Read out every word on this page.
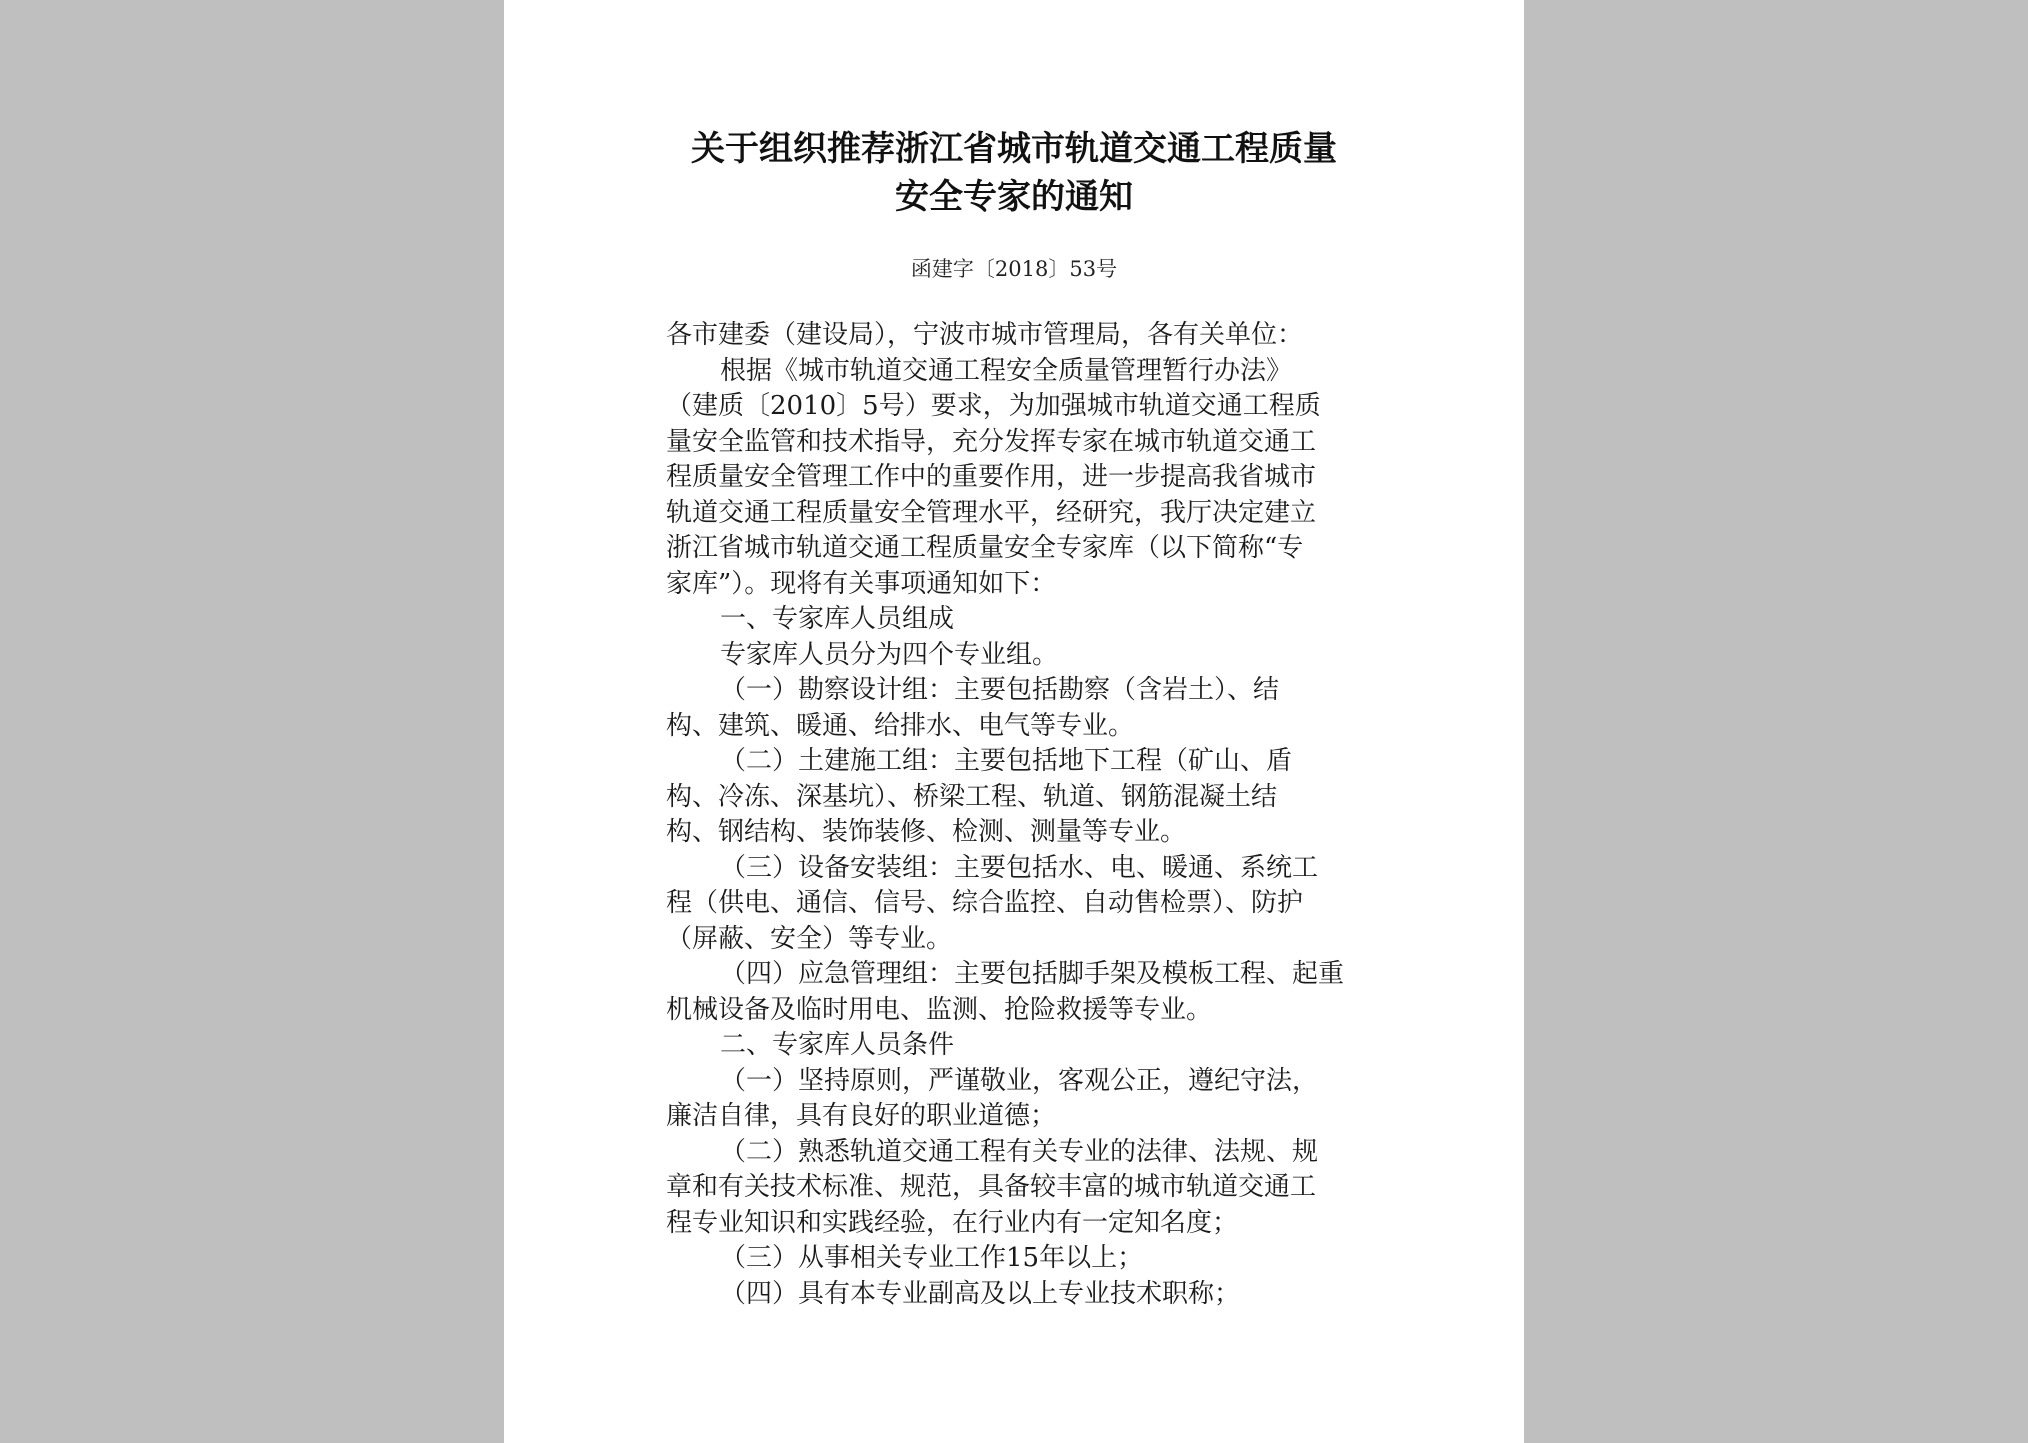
关于组织推荐浙江省城市轨道交通工程质量
安全专家的通知
函建字〔2018〕53号
各市建委（建设局），宁波市城市管理局，各有关单位：
根据《城市轨道交通工程安全质量管理暂行办法》
（建质〔2010〕5号）要求，为加强城市轨道交通工程质
量安全监管和技术指导，充分发挥专家在城市轨道交通工
程质量安全管理工作中的重要作用，进一步提高我省城市
轨道交通工程质量安全管理水平，经研究，我厅决定建立
浙江省城市轨道交通工程质量安全专家库（以下简称“专
家库”）。现将有关事项通知如下：
一、专家库人员组成
专家库人员分为四个专业组。
（一）勘察设计组：主要包括勘察（含岩土）、结
构、建筑、暖通、给排水、电气等专业。
（二）土建施工组：主要包括地下工程（矿山、盾
构、冷冻、深基坑）、桥梁工程、轨道、钢筋混凝土结
构、钢结构、装饰装修、检测、测量等专业。
（三）设备安装组：主要包括水、电、暖通、系统工
程（供电、通信、信号、综合监控、自动售检票）、防护
（屏蔽、安全）等专业。
（四）应急管理组：主要包括脚手架及模板工程、起重
机械设备及临时用电、监测、抢险救援等专业。
二、专家库人员条件
（一）坚持原则，严谨敬业，客观公正，遵纪守法，
廉洁自律，具有良好的职业道德；
（二）熟悉轨道交通工程有关专业的法律、法规、规
章和有关技术标准、规范，具备较丰富的城市轨道交通工
程专业知识和实践经验，在行业内有一定知名度；
（三）从事相关专业工作15年以上；
（四）具有本专业副高及以上专业技术职称；
